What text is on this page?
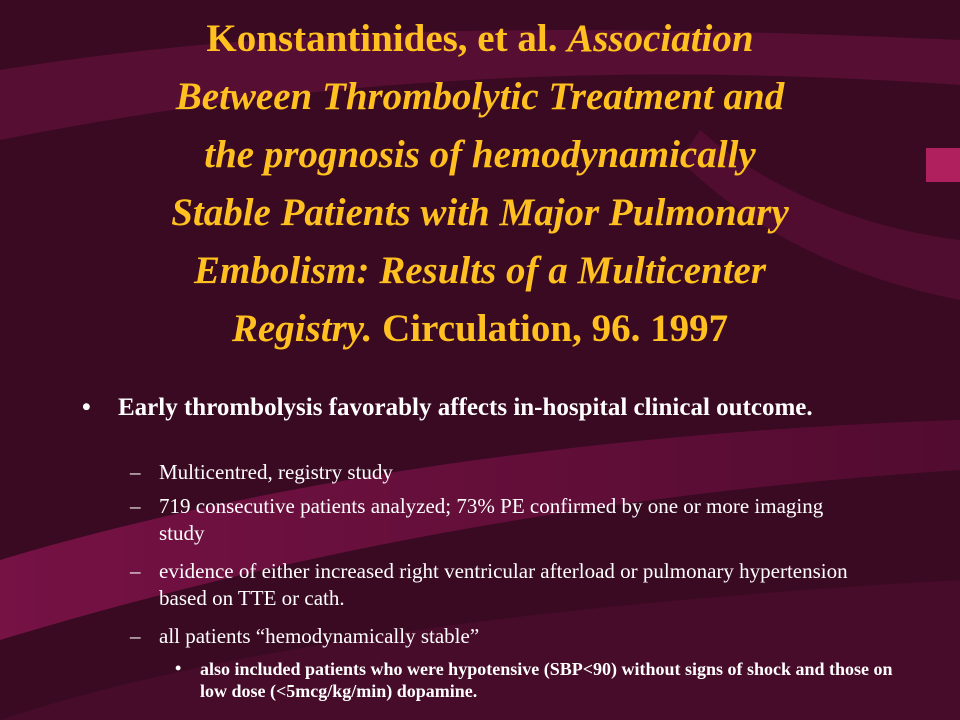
Konstantinides, et al. Association
Between Thrombolytic Treatment and
the prognosis of hemodynamically
Stable Patients with Major Pulmonary
Embolism: Results of a Multicenter
Registry. Circulation, 96. 1997
• Early thrombolysis favorably affects in-hospital clinical outcome.
– Multicentred, registry study
– 719 consecutive patients analyzed; 73% PE confirmed by one or more imaging study
– evidence of either increased right ventricular afterload or pulmonary hypertension based on TTE or cath.
– all patients “hemodynamically stable”
• also included patients who were hypotensive (SBP<90) without signs of shock and those on low dose (<5mcg/kg/min) dopamine.
